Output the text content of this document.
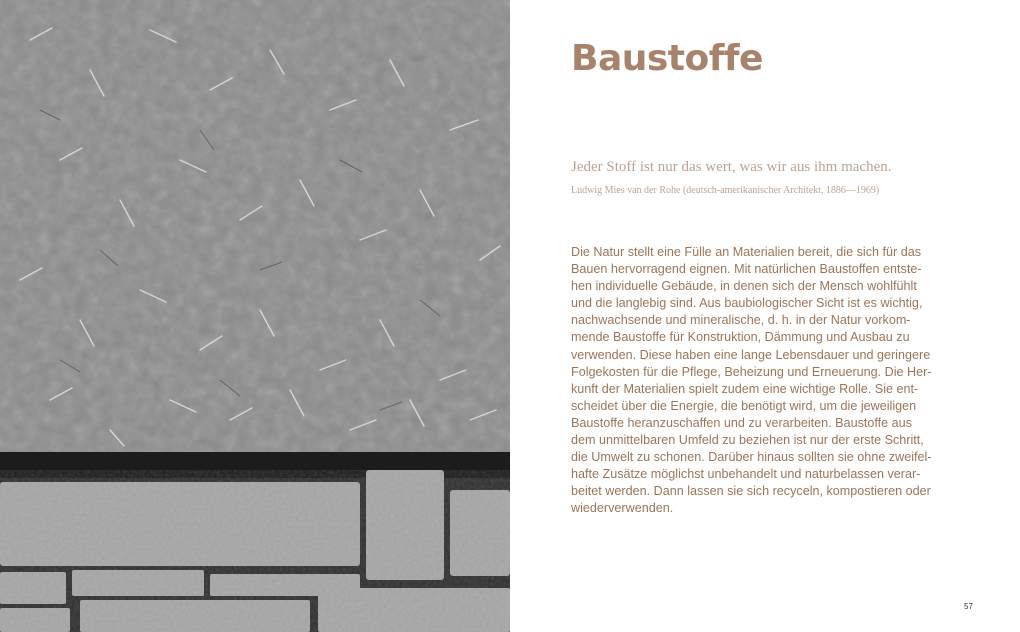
Baustoffe

Jeder Stoff ist nur das wert, was wir aus ihm machen.

Ludwig Mies van der Rohe (deutsch-amerikanischer Architekt, 1886—1969)

Die Natur stellt eine Fülle an Materialien bereit, die sich für das
Bauen hervorragend eignen. Mit natürlichen Baustoffen entste-
hen individuelle Gebäude, in denen sich der Mensch wohlfühlt
und die langlebig sind. Aus baubiologischer Sicht ist es wichtig,
nachwachsende und mineralische, d. h. in der Natur vorkom-
mende Baustoffe für Konstruktion, Dämmung und Ausbau zu
verwenden. Diese haben eine lange Lebensdauer und geringere
Folgekosten für die Pflege, Beheizung und Erneuerung. Die Her-
kunft der Materialien spielt zudem eine wichtige Rolle. Sie ent-
scheidet über die Energie, die benötigt wird, um die jeweiligen
Baustoffe heranzuschaffen und zu verarbeiten. Baustoffe aus
dem unmittelbaren Umfeld zu beziehen ist nur der erste Schritt,
die Umwelt zu schonen. Darüber hinaus sollten sie ohne zweifel-
hafte Zusätze möglichst unbehandelt und naturbelassen verar-
beitet werden. Dann lassen sie sich recyceln, kompostieren oder
wiederverwenden.

57
